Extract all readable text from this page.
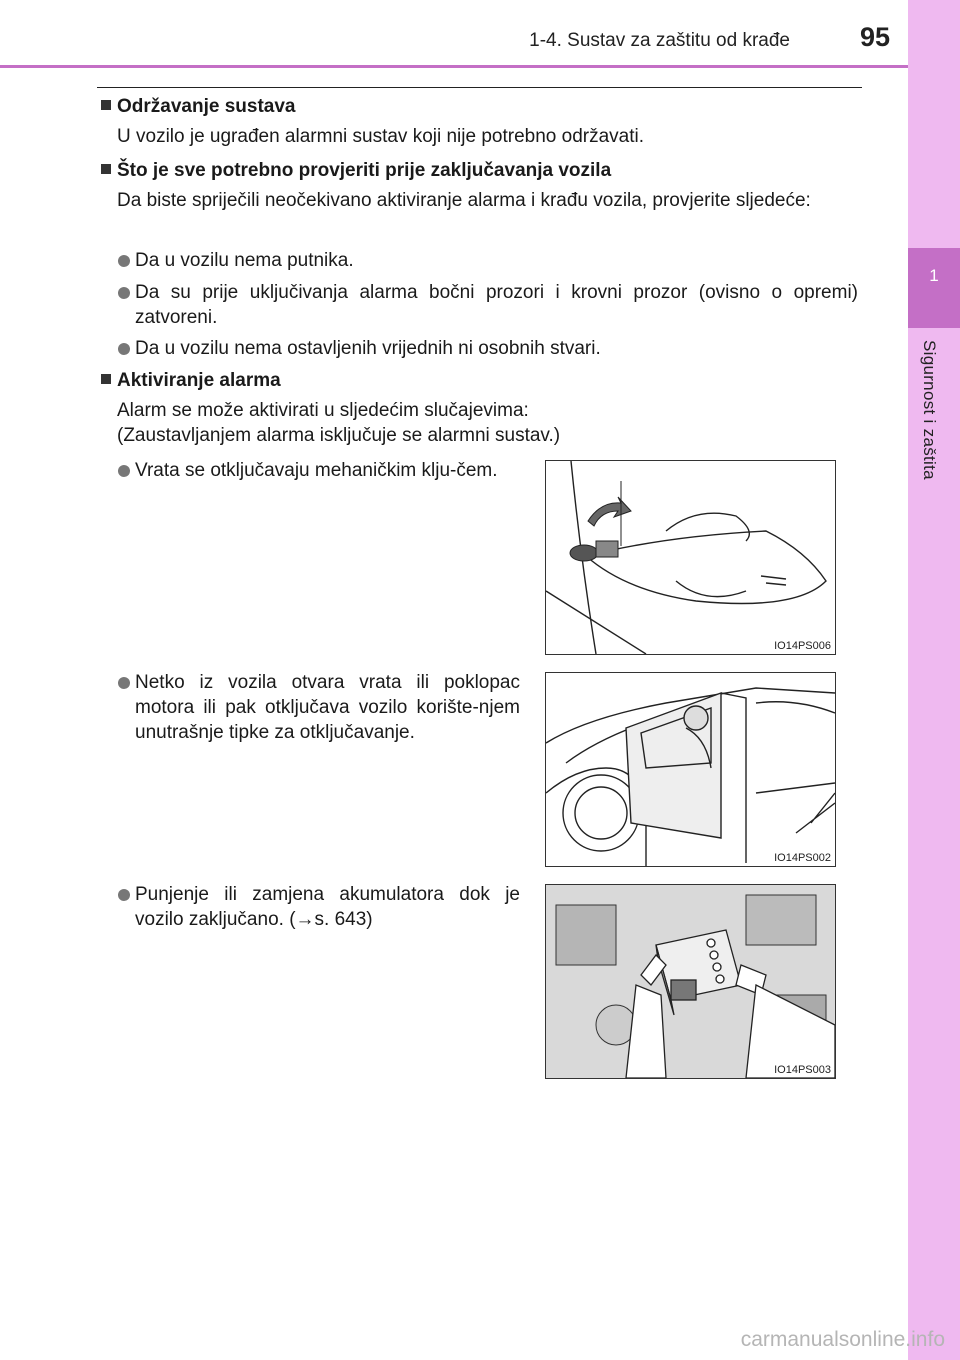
1-4. Sustav za zaštitu od krađe	95
1
Sigurnost i zaštita
Održavanje sustava
U vozilo je ugrađen alarmni sustav koji nije potrebno održavati.
Što je sve potrebno provjeriti prije zaključavanja vozila
Da biste spriječili neočekivano aktiviranje alarma i krađu vozila, provjerite sljedeće:
Da u vozilu nema putnika.
Da su prije uključivanja alarma bočni prozori i krovni prozor (ovisno o opremi) zatvoreni.
Da u vozilu nema ostavljenih vrijednih ni osobnih stvari.
Aktiviranje alarma
Alarm se može aktivirati u sljedećim slučajevima:
(Zaustavljanjem alarma isključuje se alarmni sustav.)
Vrata se otključavaju mehaničkim klju-čem.
Netko iz vozila otvara vrata ili poklopac motora ili pak otključava vozilo korište-njem unutrašnje tipke za otključavanje.
Punjenje ili zamjena akumulatora dok je vozilo zaključano. (→s. 643)
IO14PS006
IO14PS002
IO14PS003
carmanualsonline.info
